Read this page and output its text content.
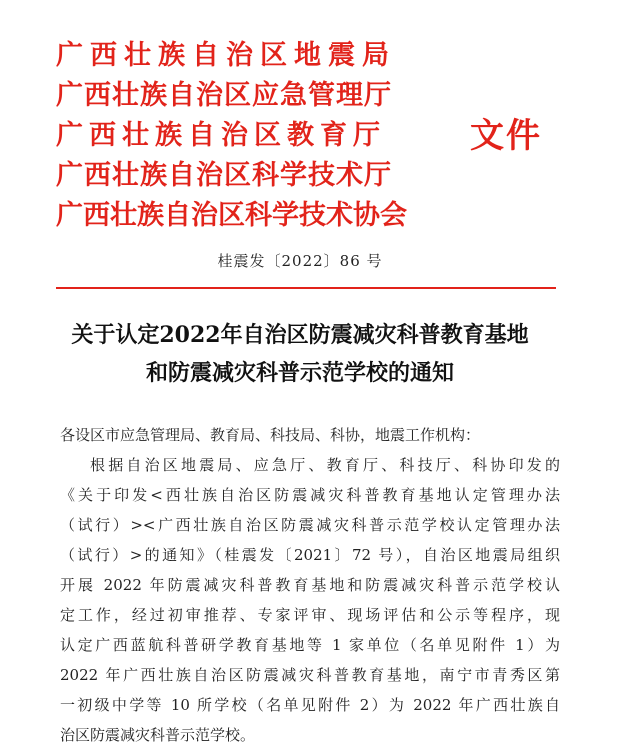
广西壮族自治区地震局
广西壮族自治区应急管理厅
广西壮族自治区教育厅
广西壮族自治区科学技术厅
广西壮族自治区科学技术协会
文件
桂震发〔2022〕86 号
关于认定2022年自治区防震减灾科普教育基地
和防震减灾科普示范学校的通知
各设区市应急管理局、教育局、科技局、科协，地震工作机构：
根据自治区地震局、应急厅、教育厅、科技厅、科协印发的
《关于印发<西壮族自治区防震减灾科普教育基地认定管理办法
（试行）><广西壮族自治区防震减灾科普示范学校认定管理办法
（试行）>的通知》（桂震发〔2021〕72 号），自治区地震局组织
开展 2022 年防震减灾科普教育基地和防震减灾科普示范学校认
定工作，经过初审推荐、专家评审、现场评估和公示等程序，现
认定广西蓝航科普研学教育基地等 1 家单位（名单见附件 1）为
2022 年广西壮族自治区防震减灾科普教育基地，南宁市青秀区第
一初级中学等 10 所学校（名单见附件 2）为 2022 年广西壮族自
治区防震减灾科普示范学校。
